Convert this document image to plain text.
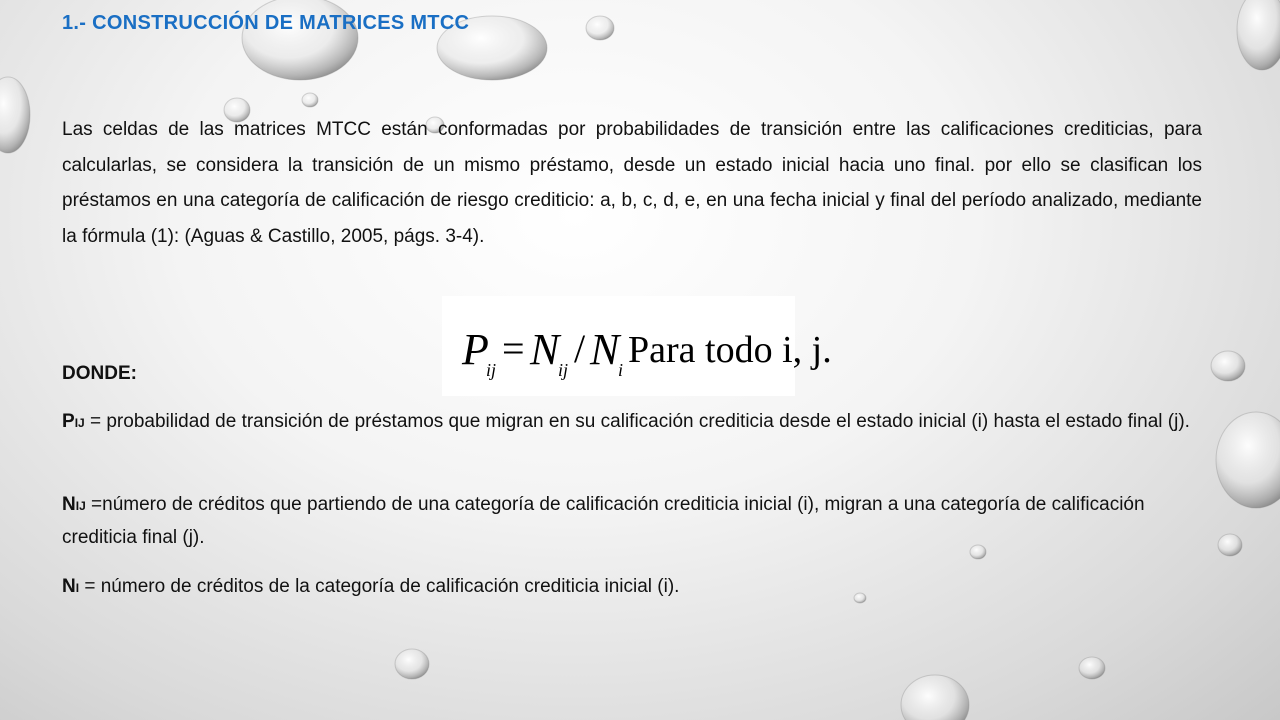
1.- CONSTRUCCIÓN DE MATRICES MTCC

Las celdas de las matrices MTCC están conformadas por probabilidades de transición entre las calificaciones crediticias, para calcularlas, se considera la transición de un mismo préstamo, desde un estado inicial hacia uno final. por ello se clasifican los préstamos en una categoría de calificación de riesgo crediticio: a, b, c, d, e, en una fecha inicial y final del período analizado, mediante la fórmula (1): (Aguas & Castillo, 2005, págs. 3-4).

P
ij = N
ij / N
i Para todo i, j.

DONDE:

PIJ = probabilidad de transición de préstamos que migran en su calificación crediticia desde el estado inicial (i) hasta el estado final (j).

NIJ =número de créditos que partiendo de una categoría de calificación crediticia inicial (i), migran a una categoría de calificación crediticia final (j).

NI = número de créditos de la categoría de calificación crediticia inicial (i).
